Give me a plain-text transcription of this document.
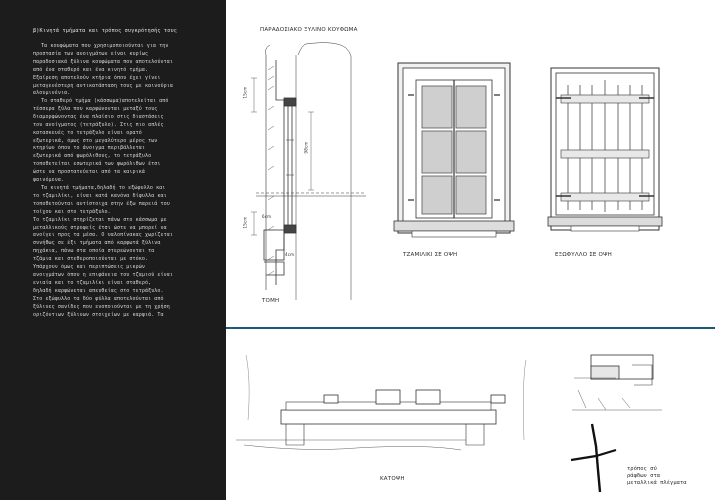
β)Κινητά τμήματα και τρόπος συγκρότησής τους
Τα κουφώματα που χρησιμοποιούνται για την
προστασία των ανοιγμάτων είναι κυρίως
παραδοσιακά ξύλινα κουφώματα που αποτελούνται
από ένα σταθερό και ένα κινητό τμήμα.
Εξαίρεση αποτελούν κτήρια όπου έχει γίνει
μεταγενέστερη αντικατάσταση τους με καινούρια
αλουμινένια.
Το σταθερό τμήμα (κάσσωμα)αποτελείται από
τέσσερα ξύλα που καρφώνονται μεταξύ τους
διαμορφώνοντας ένα πλαίσιο στις διαστάσεις
του ανοίγματος (τετράξυλο). Στις πιο απλές
κατασκευές το τετράξυλο είναι ορατό
εξωτερικά, όμως στο μεγαλύτερο μέρος των
κτηρίων όπου το άνοιγμα περιβάλλεται
εξωτερικά από ψωρόλιθους, το τετράξυλο
τοποθετείται εσωτερικά των ψωρόλιθων έτσι
ώστε να προστατεύεται από τα καιρικά
φαινόμενα.
Τα κινητά τμήματα,δηλαδή το εξώφυλλο και
το τζαμιλίκι, είναι κατά κανόνα δίφυλλα και
τοποθετούνται αντίστοιχα στην έξω παρειά του
τοίχου και στο τετράξυλο.
Το τζαμιλίκι στηρίζεται πάνω στο κάσσωμα με
μεταλλικούς στροφείς έτσι ώστε να μπορεί να
ανοίγει προς τα μέσα. Ο υαλοπίνακας χωρίζεται
συνήθως σε έξι τμήματα από καρφωτά ξύλινα
πηχάκια, πάνω στα οποία στερεώνονται τα
τζάμια και στεθεροποιούνται με στόκο.
Υπάρχουν όμως και περιπτώσεις μικρών
ανοιγμάτων όπου η επιφάνεια του τζαμιού είναι
ενιαία και το τζαμιλίκι είναι σταθερό,
δηλαδή καρφώνεται απευθείας στο τετράξυλο.
Στο εξώφυλλο τα δύο φύλλα αποτελούνται από
ξύλινες σανίδες που ενοποιούνται με τη χρήση
οριζόντιων ξύλινων στοιχείων με καρφιά. Τα
ΠΑΡΑΔΟΣΙΑΚΟ ΞΥΛΙΝΟ ΚΟΥΦΩΜΑ
ΤΟΜΗ
ΤΖΑΜΙΛΙΚΙ ΣΕ ΟΨΗ	ΕΞΩΦΥΛΛΟ ΣΕ ΟΨΗ
ΚΑΤΟΨΗ
15cm
98cm
15cm	6cm
4cm
τρόπος σύ
ράφδων στα
μεταλλικά πλέγματα
